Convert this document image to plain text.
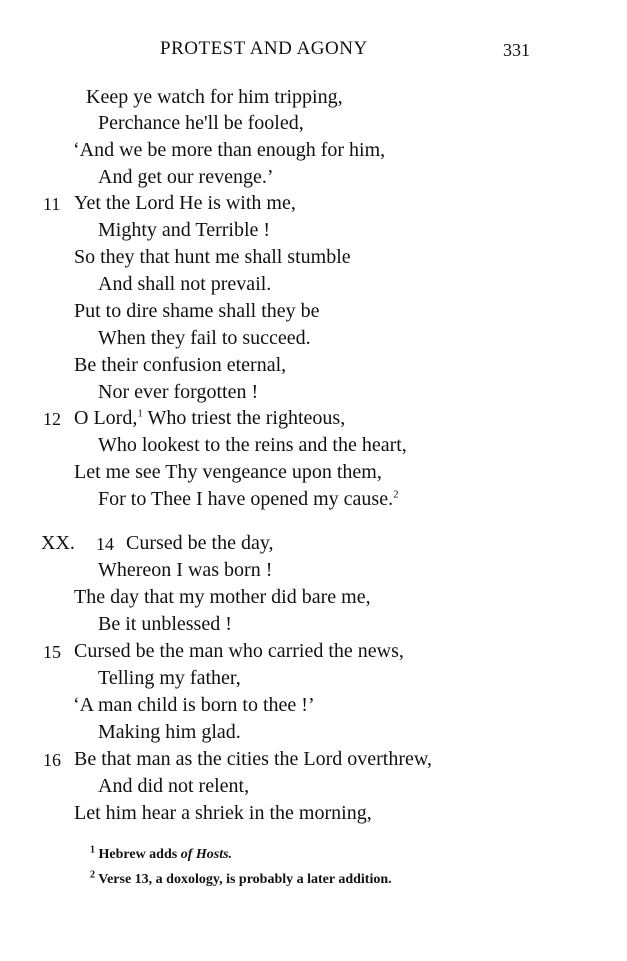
PROTEST AND AGONY	331
Keep ye watch for him tripping,
Perchance he'll be fooled,
‘And we be more than enough for him,
And get our revenge.’
11 Yet the Lord He is with me,
Mighty and Terrible !
So they that hunt me shall stumble
And shall not prevail.
Put to dire shame shall they be
When they fail to succeed.
Be their confusion eternal,
Nor ever forgotten !
12 O Lord,$^1$ Who triest the righteous,
Who lookest to the reins and the heart,
Let me see Thy vengeance upon them,
For to Thee I have opened my cause.$^2$
XX. 14 Cursed be the day,
Whereon I was born !
The day that my mother did bare me,
Be it unblessed !
15 Cursed be the man who carried the news,
Telling my father,
‘A man child is born to thee !’
Making him glad.
16 Be that man as the cities the Lord overthrew,
And did not relent,
Let him hear a shriek in the morning,
$^1$ Hebrew adds of Hosts.
$^2$ Verse 13, a doxology, is probably a later addition.
